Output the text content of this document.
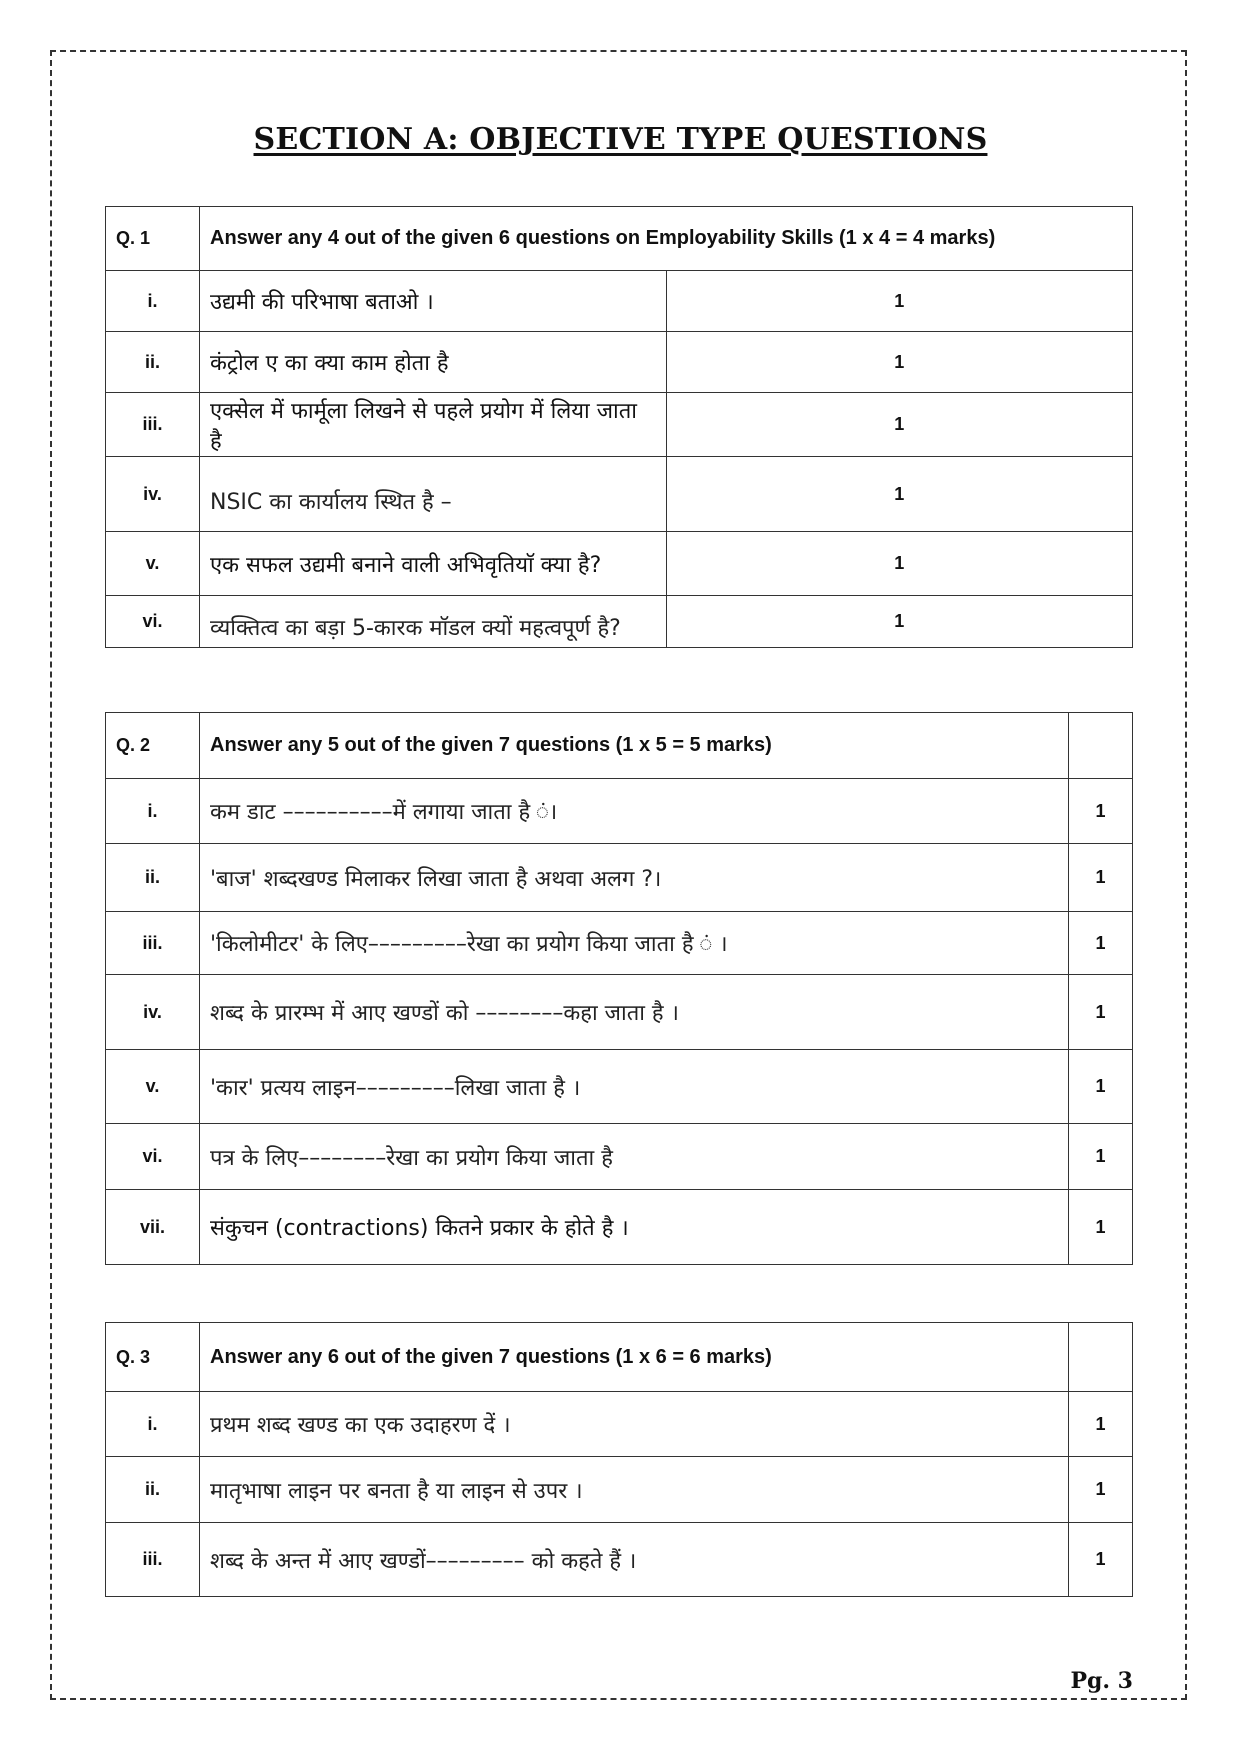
SECTION A: OBJECTIVE TYPE QUESTIONS
Q. 1	Answer any 4 out of the given 6 questions on Employability Skills (1 x 4 = 4 marks)	
i.	उद्यमी की परिभाषा बताओ ।	1
ii.	कंट्रोल ए का क्या काम होता है	1
iii.	एक्सेल में फार्मूला लिखने से पहले प्रयोग में लिया जाता है	1
iv.	NSIC का कार्यालय स्थित है –	1
v.	एक सफल उद्यमी बनाने वाली अभिवृतियाॅ क्या है?	1
vi.	व्यक्तित्व का बड़ा 5-कारक मॉडल क्यों महत्वपूर्ण है?	1
Q. 2	Answer any 5 out of the given 7 questions (1 x 5 = 5 marks)	
i.	कम डाट ––––––––––में लगाया जाता है ं।	1
ii.	'बाज' शब्दखण्ड मिलाकर लिखा जाता है अथवा अलग ?।	1
iii.	'किलोमीटर' के लिए–––––––––रेखा का प्रयोग किया जाता है ं ।	1
iv.	शब्द के प्रारम्भ में आए खण्डों को ––––––––कहा जाता है ।	1
v.	'कार' प्रत्यय लाइन–––––––––लिखा जाता है ।	1
vi.	पत्र के लिए––––––––रेखा का प्रयोग किया जाता है	1
vii.	संकुचन (contractions) कितने प्रकार के होते है ।	1
Q. 3	Answer any 6 out of the given 7 questions (1 x 6 = 6 marks)	
i.	प्रथम शब्द खण्ड का एक उदाहरण दें ।	1
ii.	मातृभाषा लाइन पर बनता है या लाइन से उपर ।	1
iii.	शब्द के अन्त में आए खण्डों––––––––– को कहते हैं ।	1
Pg. 3
